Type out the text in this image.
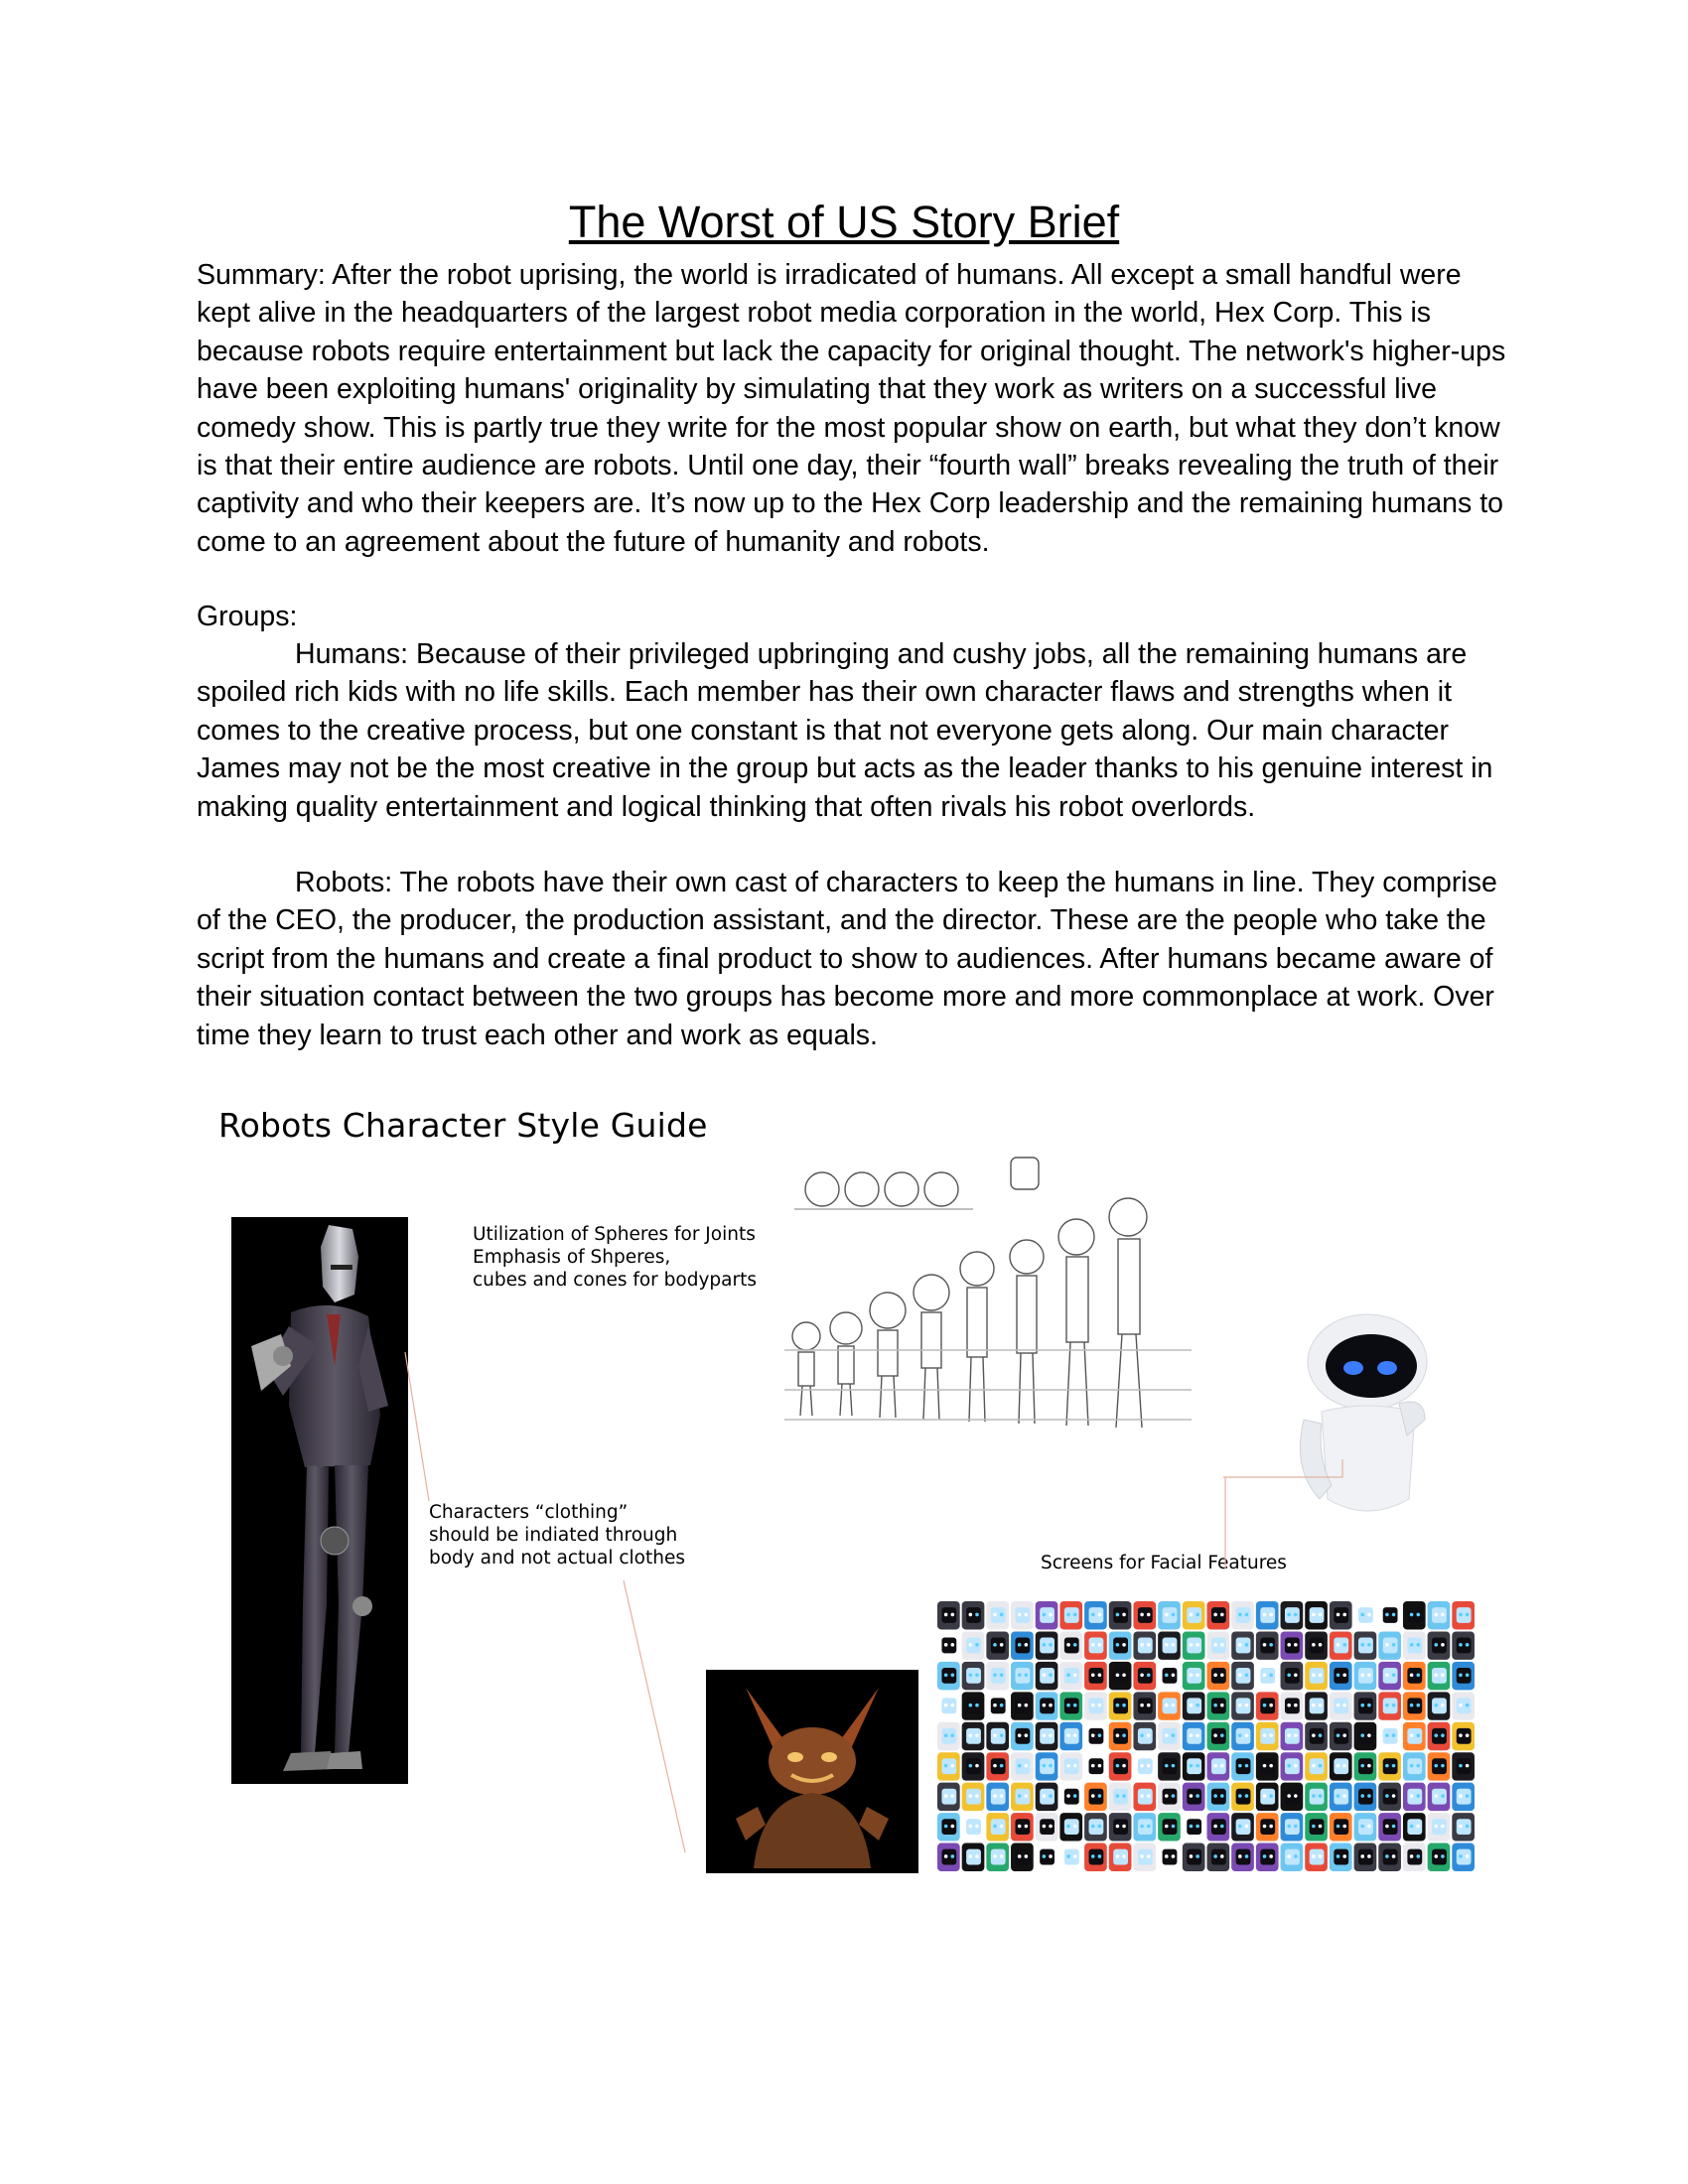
The Worst of US Story Brief

Summary: After the robot uprising, the world is irradicated of humans. All except a small handful were kept alive in the headquarters of the largest robot media corporation in the world, Hex Corp. This is because robots require entertainment but lack the capacity for original thought. The network's higher-ups have been exploiting humans' originality by simulating that they work as writers on a successful live comedy show. This is partly true they write for the most popular show on earth, but what they don’t know is that their entire audience are robots. Until one day, their “fourth wall” breaks revealing the truth of their captivity and who their keepers are. It’s now up to the Hex Corp leadership and the remaining humans to come to an agreement about the future of humanity and robots.

Groups:

Humans: Because of their privileged upbringing and cushy jobs, all the remaining humans are spoiled rich kids with no life skills. Each member has their own character flaws and strengths when it comes to the creative process, but one constant is that not everyone gets along. Our main character James may not be the most creative in the group but acts as the leader thanks to his genuine interest in making quality entertainment and logical thinking that often rivals his robot overlords.

Robots: The robots have their own cast of characters to keep the humans in line. They comprise of the CEO, the producer, the production assistant, and the director. These are the people who take the script from the humans and create a final product to show to audiences. After humans became aware of their situation contact between the two groups has become more and more commonplace at work. Over time they learn to trust each other and work as equals.

Robots Character Style Guide
Utilization of Spheres for Joints
Emphasis of Shperes,
cubes and cones for bodyparts
Characters “clothing”
should be indiated through
body and not actual clothes	Screens for Facial Features
